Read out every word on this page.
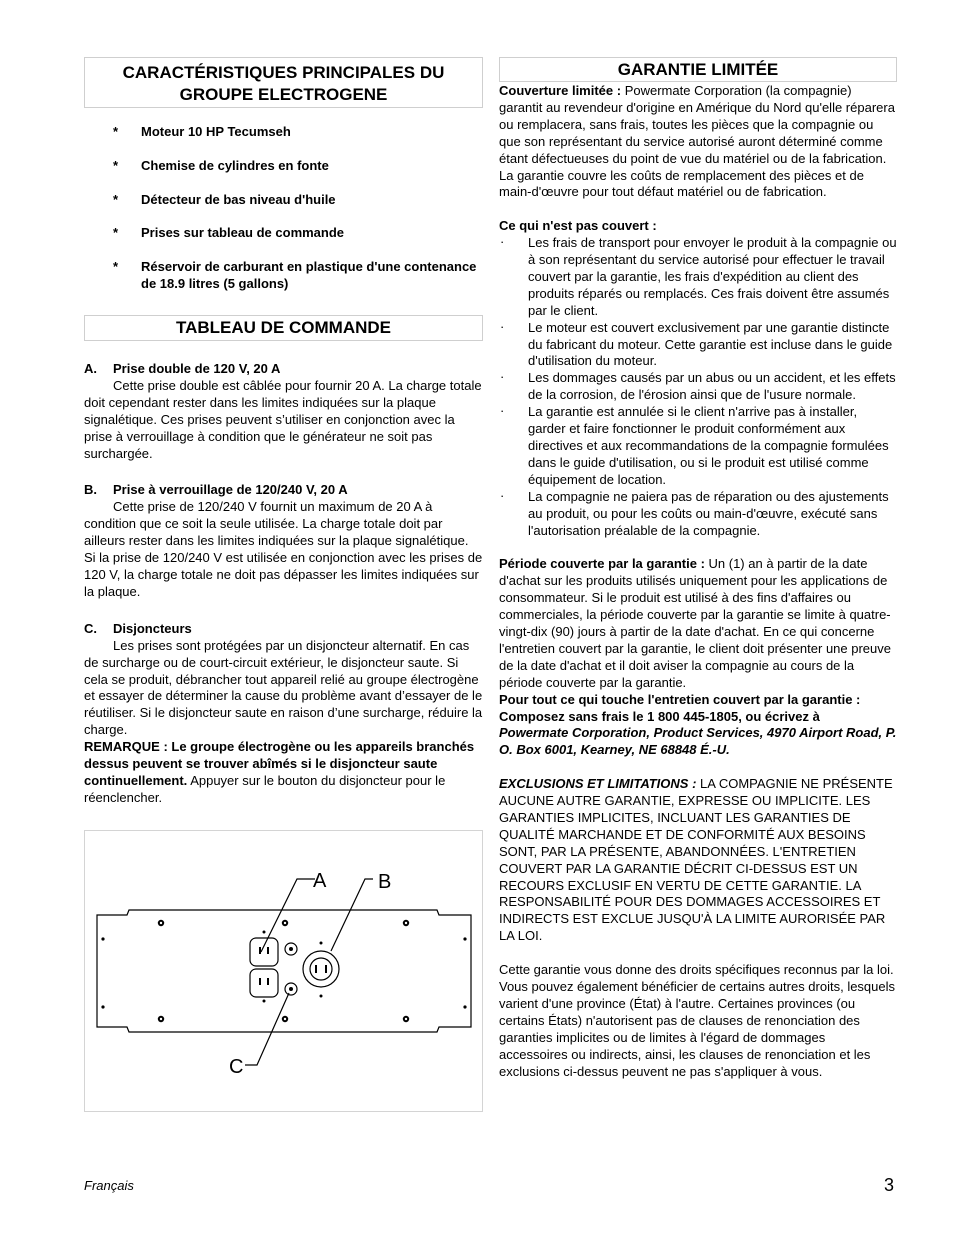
CARACTÉRISTIQUES PRINCIPALES DU GROUPE ELECTROGENE
* Moteur 10 HP Tecumseh
* Chemise de cylindres en fonte
* Détecteur de bas niveau d'huile
* Prises sur tableau de commande
* Réservoir de carburant en plastique d'une contenance de 18.9 litres (5 gallons)
TABLEAU DE COMMANDE
A. Prise double de 120 V, 20 A

Cette prise double est câblée pour fournir 20 A. La charge totale doit cependant rester dans les limites indiquées sur la plaque signalétique. Ces prises peuvent s’utiliser en conjonction avec la prise à verrouillage à condition que le générateur ne soit pas surchargée.

B. Prise à verrouillage de 120/240 V, 20 A

Cette prise de 120/240 V fournit un maximum de 20 A à condition que ce soit la seule utilisée. La charge totale doit par ailleurs rester dans les limites indiquées sur la plaque signalétique. Si la prise de 120/240 V est utilisée en conjonction avec les prises de 120 V, la charge totale ne doit pas dépasser les limites indiquées sur la plaque.

C. Disjoncteurs

Les prises sont protégées par un disjoncteur alternatif. En cas de surcharge ou de court-circuit extérieur, le disjoncteur saute. Si cela se produit, débrancher tout appareil relié au groupe électrogène et essayer de déterminer la cause du problème avant d’essayer de le réutiliser. Si le disjoncteur saute en raison d’une surcharge, réduire la charge.

REMARQUE : Le groupe électrogène ou les appareils branchés dessus peuvent se trouver abîmés si le disjoncteur saute continuellement. Appuyer sur le bouton du disjoncteur pour le réenclencher.

A	B
C
GARANTIE LIMITÉE

Couverture limitée : Powermate Corporation (la compagnie) garantit au revendeur d'origine en Amérique du Nord qu'elle réparera ou remplacera, sans frais, toutes les pièces que la compagnie ou que son représentant du service autorisé auront déterminé comme étant défectueuses du point de vue du matériel ou de la fabrication. La garantie couvre les coûts de remplacement des pièces et de main-d'œuvre pour tout défaut matériel ou de fabrication.

Ce qui n'est pas couvert :

· Les frais de transport pour envoyer le produit à la compagnie ou à son représentant du service autorisé pour effectuer le travail couvert par la garantie, les frais d'expédition au client des produits réparés ou remplacés. Ces frais doivent être assumés par le client.
· Le moteur est couvert exclusivement par une garantie distincte du fabricant du moteur. Cette garantie est incluse dans le guide d'utilisation du moteur.
· Les dommages causés par un abus ou un accident, et les effets de la corrosion, de l'érosion ainsi que de l'usure normale.
· La garantie est annulée si le client n'arrive pas à installer, garder et faire fonctionner le produit conformément aux directives et aux recommandations de la compagnie formulées dans le guide d'utilisation, ou si le produit est utilisé comme équipement de location.
· La compagnie ne paiera pas de réparation ou des ajustements au produit, ou pour les coûts ou main-d'œuvre, exécuté sans l'autorisation préalable de la compagnie.

Période couverte par la garantie : Un (1) an à partir de la date d'achat sur les produits utilisés uniquement pour les applications de consommateur. Si le produit est utilisé à des fins d'affaires ou commerciales, la période couverte par la garantie se limite à quatre-vingt-dix (90) jours à partir de la date d'achat. En ce qui concerne l'entretien couvert par la garantie, le client doit présenter une preuve de la date d'achat et il doit aviser la compagnie au cours de la période couverte par la garantie.

Pour tout ce qui touche l'entretien couvert par la garantie : Composez sans frais le 1 800 445-1805, ou écrivez à
Powermate Corporation, Product Services, 4970 Airport Road, P. O. Box 6001, Kearney, NE 68848 É.-U.

EXCLUSIONS ET LIMITATIONS : LA COMPAGNIE NE PRÉSENTE AUCUNE AUTRE GARANTIE, EXPRESSE OU IMPLICITE. LES GARANTIES IMPLICITES, INCLUANT LES GARANTIES DE QUALITÉ MARCHANDE ET DE CONFORMITÉ AUX BESOINS SONT, PAR LA PRÉSENTE, ABANDONNÉES. L'ENTRETIEN COUVERT PAR LA GARANTIE DÉCRIT CI-DESSUS EST UN RECOURS EXCLUSIF EN VERTU DE CETTE GARANTIE. LA RESPONSABILITÉ POUR DES DOMMAGES ACCESSOIRES ET INDIRECTS EST EXCLUE JUSQU'À LA LIMITE AURORISÉE PAR LA LOI.

Cette garantie vous donne des droits spécifiques reconnus par la loi. Vous pouvez également bénéficier de certains autres droits, lesquels varient d'une province (État) à l'autre. Certaines provinces (ou certains États) n'autorisent pas de clauses de renonciation des garanties implicites ou de limites à l'égard de dommages accessoires ou indirects, ainsi, les clauses de renonciation et les exclusions ci-dessus peuvent ne pas s'appliquer à vous.

Français	3
